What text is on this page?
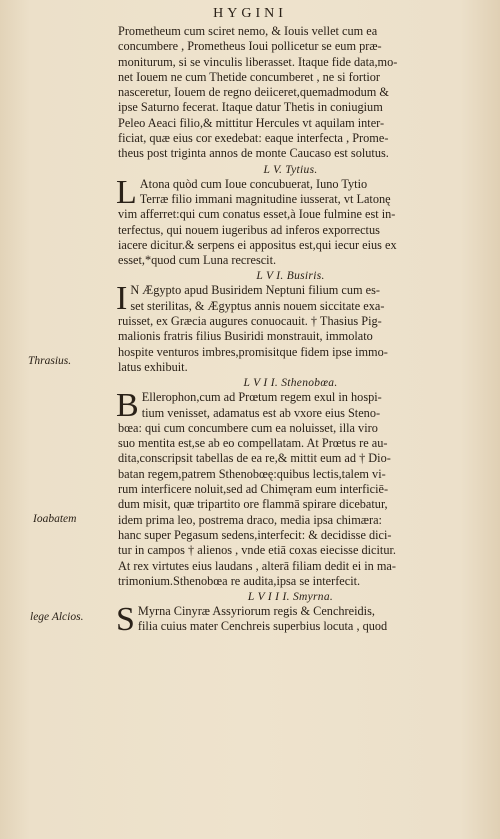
HYGINI
Thrasius.
Ioabatem
lege Alcios.
Prometheum cum sciret nemo, & Iouis vellet cum ea
concumbere , Prometheus Ioui pollicetur se eum præ-
moniturum, si se vinculis liberasset. Itaque fide data,mo-
net Iouem ne cum Thetide concumberet , ne si fortior
nasceretur, Iouem de regno deiiceret,quemadmodum &
ipse Saturno fecerat. Itaque datur Thetis in coniugium
Peleo Aeaci filio,& mittitur Hercules vt aquilam inter-
ficiat, quæ eius cor exedebat: eaque interfecta , Prome-
theus post triginta annos de monte Caucaso est solutus.
L V. Tytius.
L Atona quòd cum Ioue concubuerat, Iuno Tytio
Terræ filio immani magnitudine iusserat, vt Latonę
vim afferret:qui cum conatus esset,à Ioue fulmine est in-
terfectus, qui nouem iugeribus ad inferos exporrectus
iacere dicitur.& serpens ei appositus est,qui iecur eius ex
esset,*quod cum Luna recrescit.
L V I. Busiris.
I N Ægypto apud Busiridem Neptuni filium cum es-
set sterilitas, & Ægyptus annis nouem siccitate exa-
ruisset, ex Græcia augures conuocauit. † Thasius Pig-
malionis fratris filius Busiridi monstrauit, immolato
hospite venturos imbres,promisitque fidem ipse immo-
latus exhibuit.
L V I I. Sthenobœa.
B Ellerophon,cum ad Prœtum regem exul in hospi-
tium venisset, adamatus est ab vxore eius Steno-
bœa: qui cum concumbere cum ea noluisset, illa viro
suo mentita est,se ab eo compellatam. At Prœtus re au-
dita,conscripsit tabellas de ea re,& mittit eum ad † Dio-
batan regem,patrem Sthenobœę:quibus lectis,talem vi-
rum interficere noluit,sed ad Chimęram eum interficiē-
dum misit, quæ tripartito ore flammā spirare dicebatur,
idem prima leo, postrema draco, media ipsa chimæra:
hanc super Pegasum sedens,interfecit: & decidisse dici-
tur in campos † alienos , vnde etiā coxas eiecisse dicitur.
At rex virtutes eius laudans , alterā filiam dedit ei in ma-
trimonium.Sthenobœa re audita,ipsa se interfecit.
L V I I I. Smyrna.
S Myrna Cinyræ Assyriorum regis & Cenchreidis,
filia cuius mater Cenchreis superbius locuta , quod
